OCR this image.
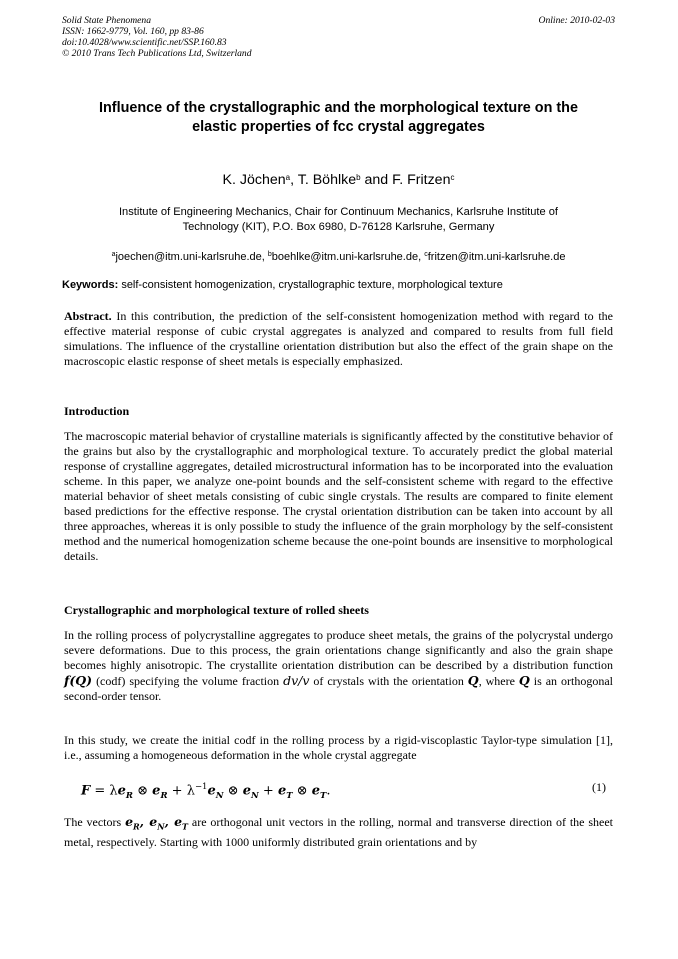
Solid State Phenomena
ISSN: 1662-9779, Vol. 160, pp 83-86
doi:10.4028/www.scientific.net/SSP.160.83
© 2010 Trans Tech Publications Ltd, Switzerland
Online: 2010-02-03
Influence of the crystallographic and the morphological texture on the
elastic properties of fcc crystal aggregates
K. Jöchen$^a$, T. Böhlke$^b$ and F. Fritzen$^c$
Institute of Engineering Mechanics, Chair for Continuum Mechanics, Karlsruhe Institute of
Technology (KIT), P.O. Box 6980, D-76128 Karlsruhe, Germany
$^a$joechen@itm.uni-karlsruhe.de, $^b$boehlke@itm.uni-karlsruhe.de, $^c$fritzen@itm.uni-karlsruhe.de
Keywords: self-consistent homogenization, crystallographic texture, morphological texture
Abstract. In this contribution, the prediction of the self-consistent homogenization method with regard to the effective material response of cubic crystal aggregates is analyzed and compared to results from full field simulations. The influence of the crystalline orientation distribution but also the effect of the grain shape on the macroscopic elastic response of sheet metals is especially emphasized.
Introduction
The macroscopic material behavior of crystalline materials is significantly affected by the constitutive behavior of the grains but also by the crystallographic and morphological texture. To accurately predict the global material response of crystalline aggregates, detailed microstructural information has to be incorporated into the evaluation scheme. In this paper, we analyze one-point bounds and the self-consistent scheme with regard to the effective material behavior of sheet metals consisting of cubic single crystals. The results are compared to finite element based predictions for the effective response. The crystal orientation distribution can be taken into account by all three approaches, whereas it is only possible to study the influence of the grain morphology by the self-consistent method and the numerical homogenization scheme because the one-point bounds are insensitive to morphological details.
Crystallographic and morphological texture of rolled sheets
In the rolling process of polycrystalline aggregates to produce sheet metals, the grains of the polycrystal undergo severe deformations. Due to this process, the grain orientations change significantly and also the grain shape becomes highly anisotropic. The crystallite orientation distribution can be described by a distribution function f(Q) (codf) specifying the volume fraction dv/v of crystals with the orientation Q, where Q is an orthogonal second-order tensor.
In this study, we create the initial codf in the rolling process by a rigid-viscoplastic Taylor-type simulation [1], i.e., assuming a homogeneous deformation in the whole crystal aggregate
$F = \lambda e_R$ ⊗ $e_R + \lambda^{-1}e_N$ ⊗ $e_N + e_T$ ⊗ $e_T$.	(1)
The vectors $e_R$, $e_N$, $e_T$ are orthogonal unit vectors in the rolling, normal and transverse direction of the sheet metal, respectively. Starting with 1000 uniformly distributed grain orientations and by
